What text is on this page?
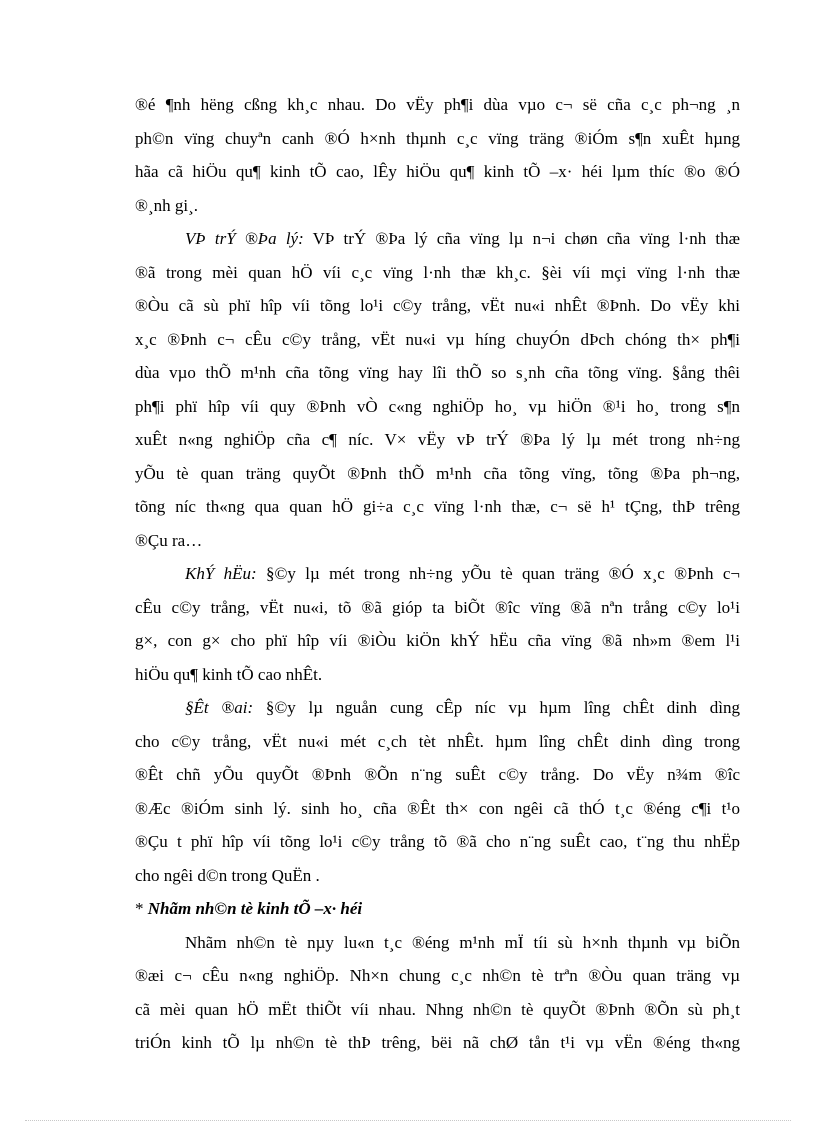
®é ¶nh hëng cßng kh¸c nhau. Do vËy ph¶i dùa vµo c¬ së cña c¸c ph¬ng ¸n
ph©n vïng chuyªn canh ®Ó h×nh thµnh c¸c vïng träng ®iÓm s¶n xuÊt hµng
hãa cã hiÖu qu¶ kinh tÕ cao, lÊy hiÖu qu¶ kinh tÕ –x· héi lµm thíc ®o ®Ó
®¸nh gi¸.
VÞ trÝ ®Þa lý: VÞ trÝ ®Þa lý cña vïng lµ n¬i chøn cña vïng l·nh thæ
®ã trong mèi quan hÖ víi c¸c vïng l·nh thæ kh¸c. §èi víi mçi vïng l·nh thæ
®Òu cã sù phï hîp víi tõng lo¹i c©y trång, vËt nu«i nhÊt ®Þnh. Do vËy khi
x¸c ®Þnh c¬ cÊu c©y trång, vËt nu«i vµ híng chuyÓn dÞch chóng th× ph¶i
dùa vµo thÕ m¹nh cña tõng vïng hay lîi thÕ so s¸nh cña tõng vïng. §ång thêi
ph¶i phï hîp víi quy ®Þnh vÒ c«ng nghiÖp ho¸ vµ hiÖn ®¹i ho¸ trong s¶n
xuÊt n«ng nghiÖp cña c¶ níc. V× vËy vÞ trÝ ®Þa lý lµ mét trong nh÷ng
yÕu tè quan träng quyÕt ®Þnh thÕ m¹nh cña tõng vïng, tõng ®Þa ph¬ng,
tõng níc th«ng qua quan hÖ gi÷a c¸c vïng l·nh thæ, c¬ së h¹ tÇng, thÞ trêng
®Çu ra…
KhÝ hËu: §©y lµ mét trong nh÷ng yÕu tè quan träng ®Ó x¸c ®Þnh c¬
cÊu c©y trång, vËt nu«i, tõ ®ã gióp ta biÕt ®îc vïng ®ã nªn trång c©y lo¹i
g×, con g× cho phï hîp víi ®iÒu kiÖn khÝ hËu cña vïng ®ã nh»m ®em l¹i
hiÖu qu¶ kinh tÕ cao nhÊt.
§Êt ®ai: §©y lµ nguån cung cÊp níc vµ hµm lîng chÊt dinh dìng
cho c©y trång, vËt nu«i mét c¸ch tèt nhÊt. hµm lîng chÊt dinh dìng trong
®Êt chñ yÕu quyÕt ®Þnh ®Õn n¨ng suÊt c©y trång. Do vËy n¾m ®îc
®Æc ®iÓm sinh lý. sinh ho¸ cña ®Êt th× con ngêi cã thÓ t¸c ®éng c¶i t¹o
®Çu t phï hîp víi tõng lo¹i c©y trång tõ ®ã cho n¨ng suÊt cao, t¨ng thu nhËp
cho ngêi d©n trong QuËn .
* Nhãm nh©n tè kinh tÕ –x· héi
Nhãm nh©n tè nµy lu«n t¸c ®éng m¹nh mÏ tíi sù h×nh thµnh vµ biÕn
®æi c¬ cÊu n«ng nghiÖp. Nh×n chung c¸c nh©n tè trªn ®Òu quan träng vµ
cã mèi quan hÖ mËt thiÕt víi nhau. Nhng nh©n tè quyÕt ®Þnh ®Õn sù ph¸t
triÓn kinh tÕ lµ nh©n tè thÞ trêng, bëi nã chØ tån t¹i vµ vËn ®éng th«ng
